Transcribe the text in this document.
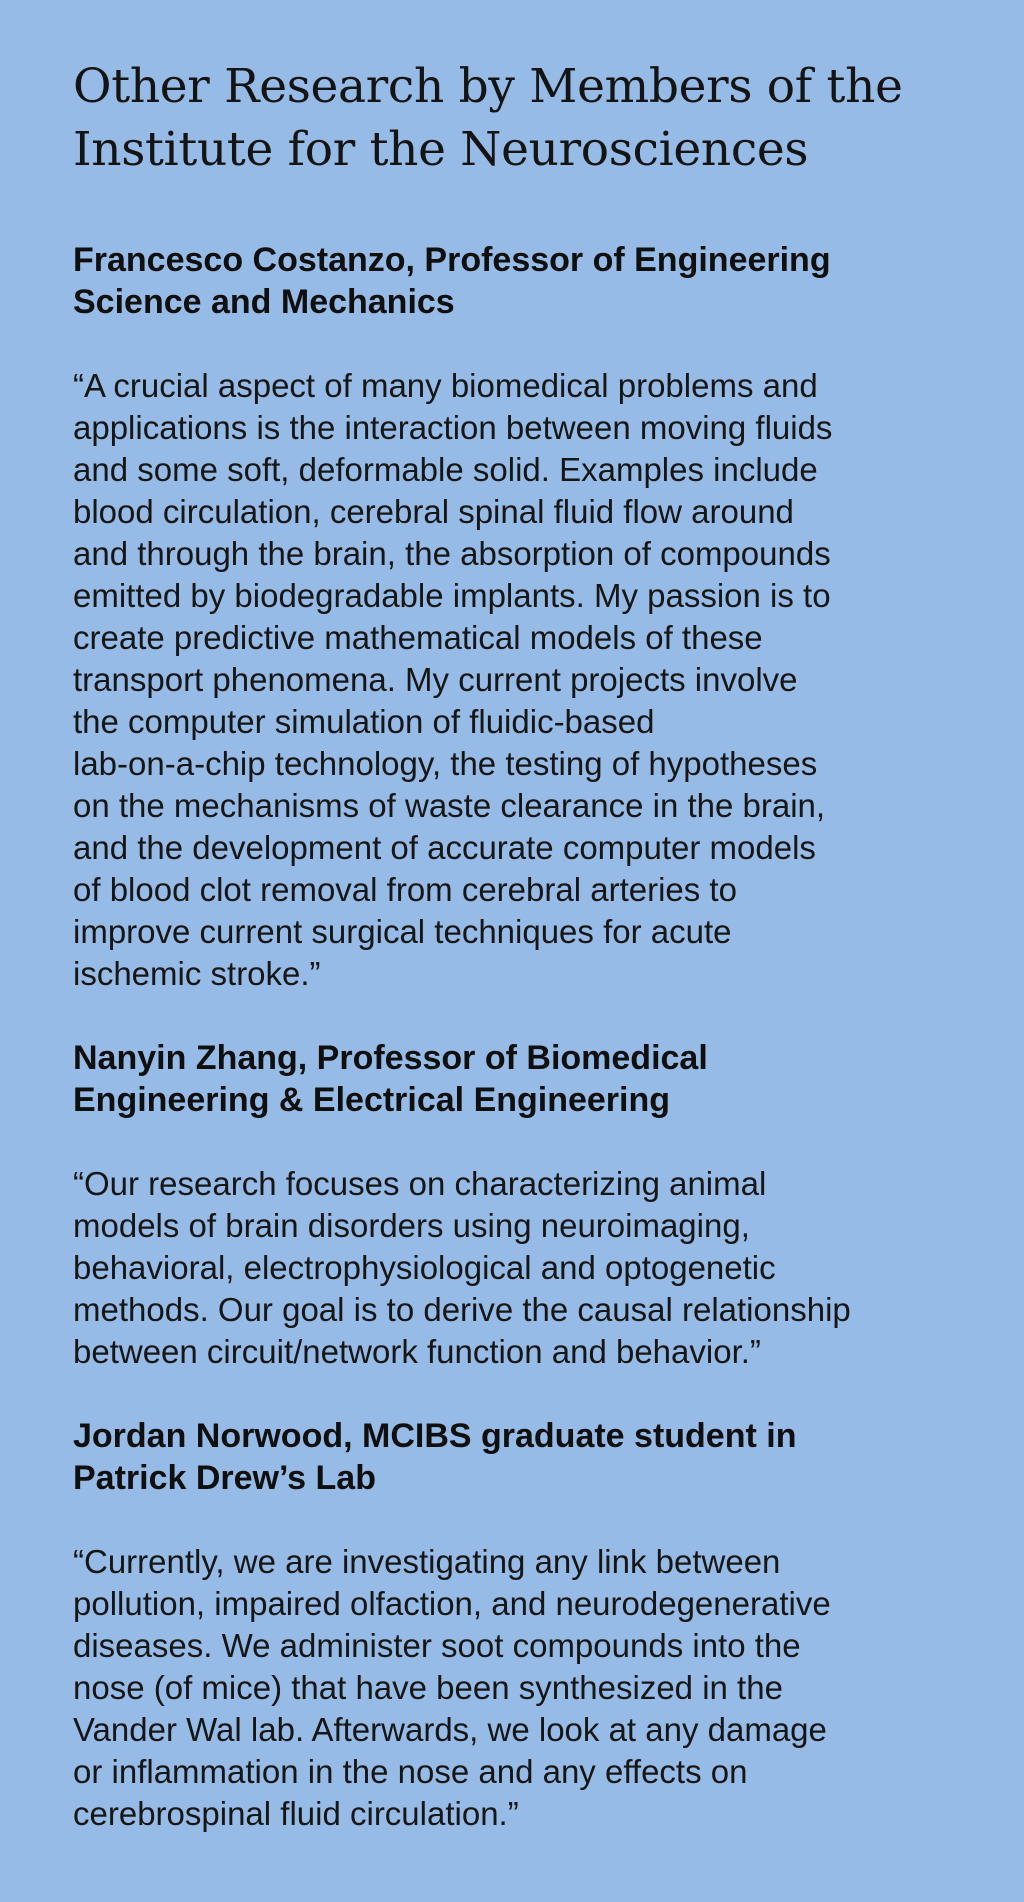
Other Research by Members of the
Institute for the Neurosciences
Francesco Costanzo, Professor of Engineering
Science and Mechanics

“A crucial aspect of many biomedical problems and
applications is the interaction between moving fluids
and some soft, deformable solid. Examples include
blood circulation, cerebral spinal fluid flow around
and through the brain, the absorption of compounds
emitted by biodegradable implants. My passion is to
create predictive mathematical models of these
transport phenomena. My current projects involve
the computer simulation of fluidic-based
lab-on-a-chip technology, the testing of hypotheses
on the mechanisms of waste clearance in the brain,
and the development of accurate computer models
of blood clot removal from cerebral arteries to
improve current surgical techniques for acute
ischemic stroke.”

Nanyin Zhang, Professor of Biomedical
Engineering & Electrical Engineering

“Our research focuses on characterizing animal
models of brain disorders using neuroimaging,
behavioral, electrophysiological and optogenetic
methods. Our goal is to derive the causal relationship
between circuit/network function and behavior.”

Jordan Norwood, MCIBS graduate student in
Patrick Drew’s Lab

“Currently, we are investigating any link between
pollution, impaired olfaction, and neurodegenerative
diseases. We administer soot compounds into the
nose (of mice) that have been synthesized in the
Vander Wal lab. Afterwards, we look at any damage
or inflammation in the nose and any effects on
cerebrospinal fluid circulation.”
